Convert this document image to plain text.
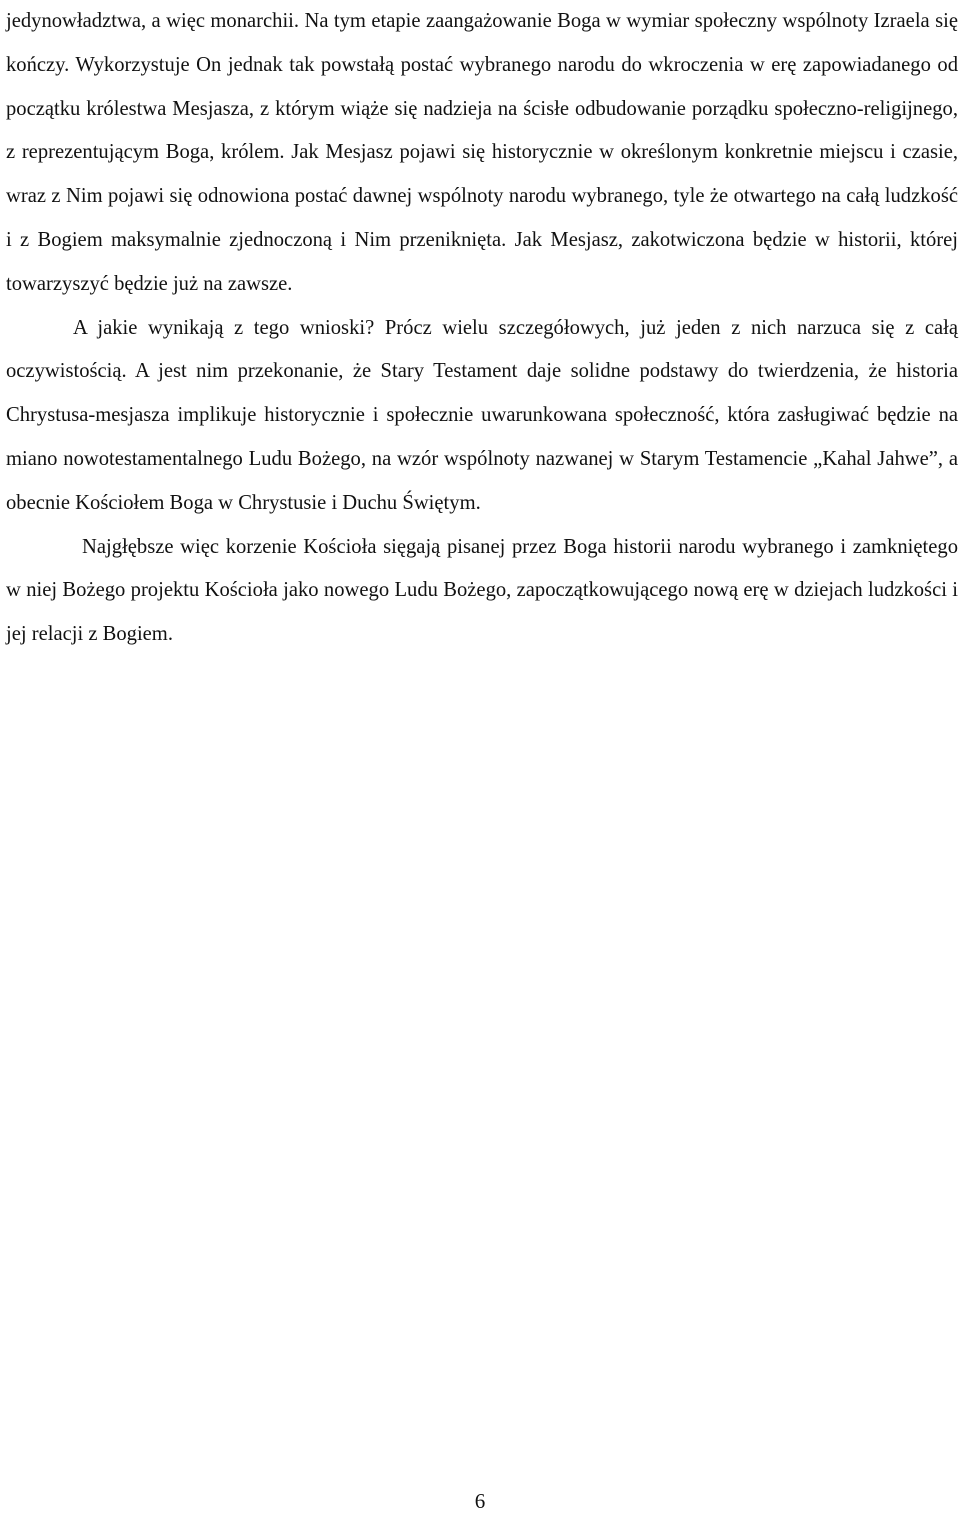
jedynowładztwa, a więc monarchii. Na tym etapie zaangażowanie Boga w wymiar społeczny wspólnoty Izraela się kończy. Wykorzystuje On jednak tak powstałą postać wybranego narodu do wkroczenia w erę zapowiadanego od początku królestwa Mesjasza, z którym wiąże się nadzieja na ścisłe odbudowanie porządku społeczno-religijnego, z reprezentującym Boga, królem. Jak Mesjasz pojawi się historycznie w określonym konkretnie miejscu i czasie, wraz z Nim pojawi się odnowiona postać dawnej wspólnoty narodu wybranego, tyle że otwartego na całą ludzkość i z Bogiem maksymalnie zjednoczoną i Nim przeniknięta. Jak Mesjasz, zakotwiczona będzie w historii, której towarzyszyć będzie już na zawsze.

A jakie wynikają z tego wnioski? Prócz wielu szczegółowych, już jeden z nich narzuca się z całą oczywistością. A jest nim przekonanie, że Stary Testament daje solidne podstawy do twierdzenia, że historia Chrystusa-mesjasza implikuje historycznie i społecznie uwarunkowana społeczność, która zasługiwać będzie na miano nowotestamentalnego Ludu Bożego, na wzór wspólnoty nazwanej w Starym Testamencie „Kahal Jahwe”, a obecnie Kościołem Boga w Chrystusie i Duchu Świętym.

Najgłębsze więc korzenie Kościoła sięgają pisanej przez Boga historii narodu wybranego i zamkniętego w niej Bożego projektu Kościoła jako nowego Ludu Bożego, zapoczątkowującego nową erę w dziejach ludzkości i jej relacji z Bogiem.

6
